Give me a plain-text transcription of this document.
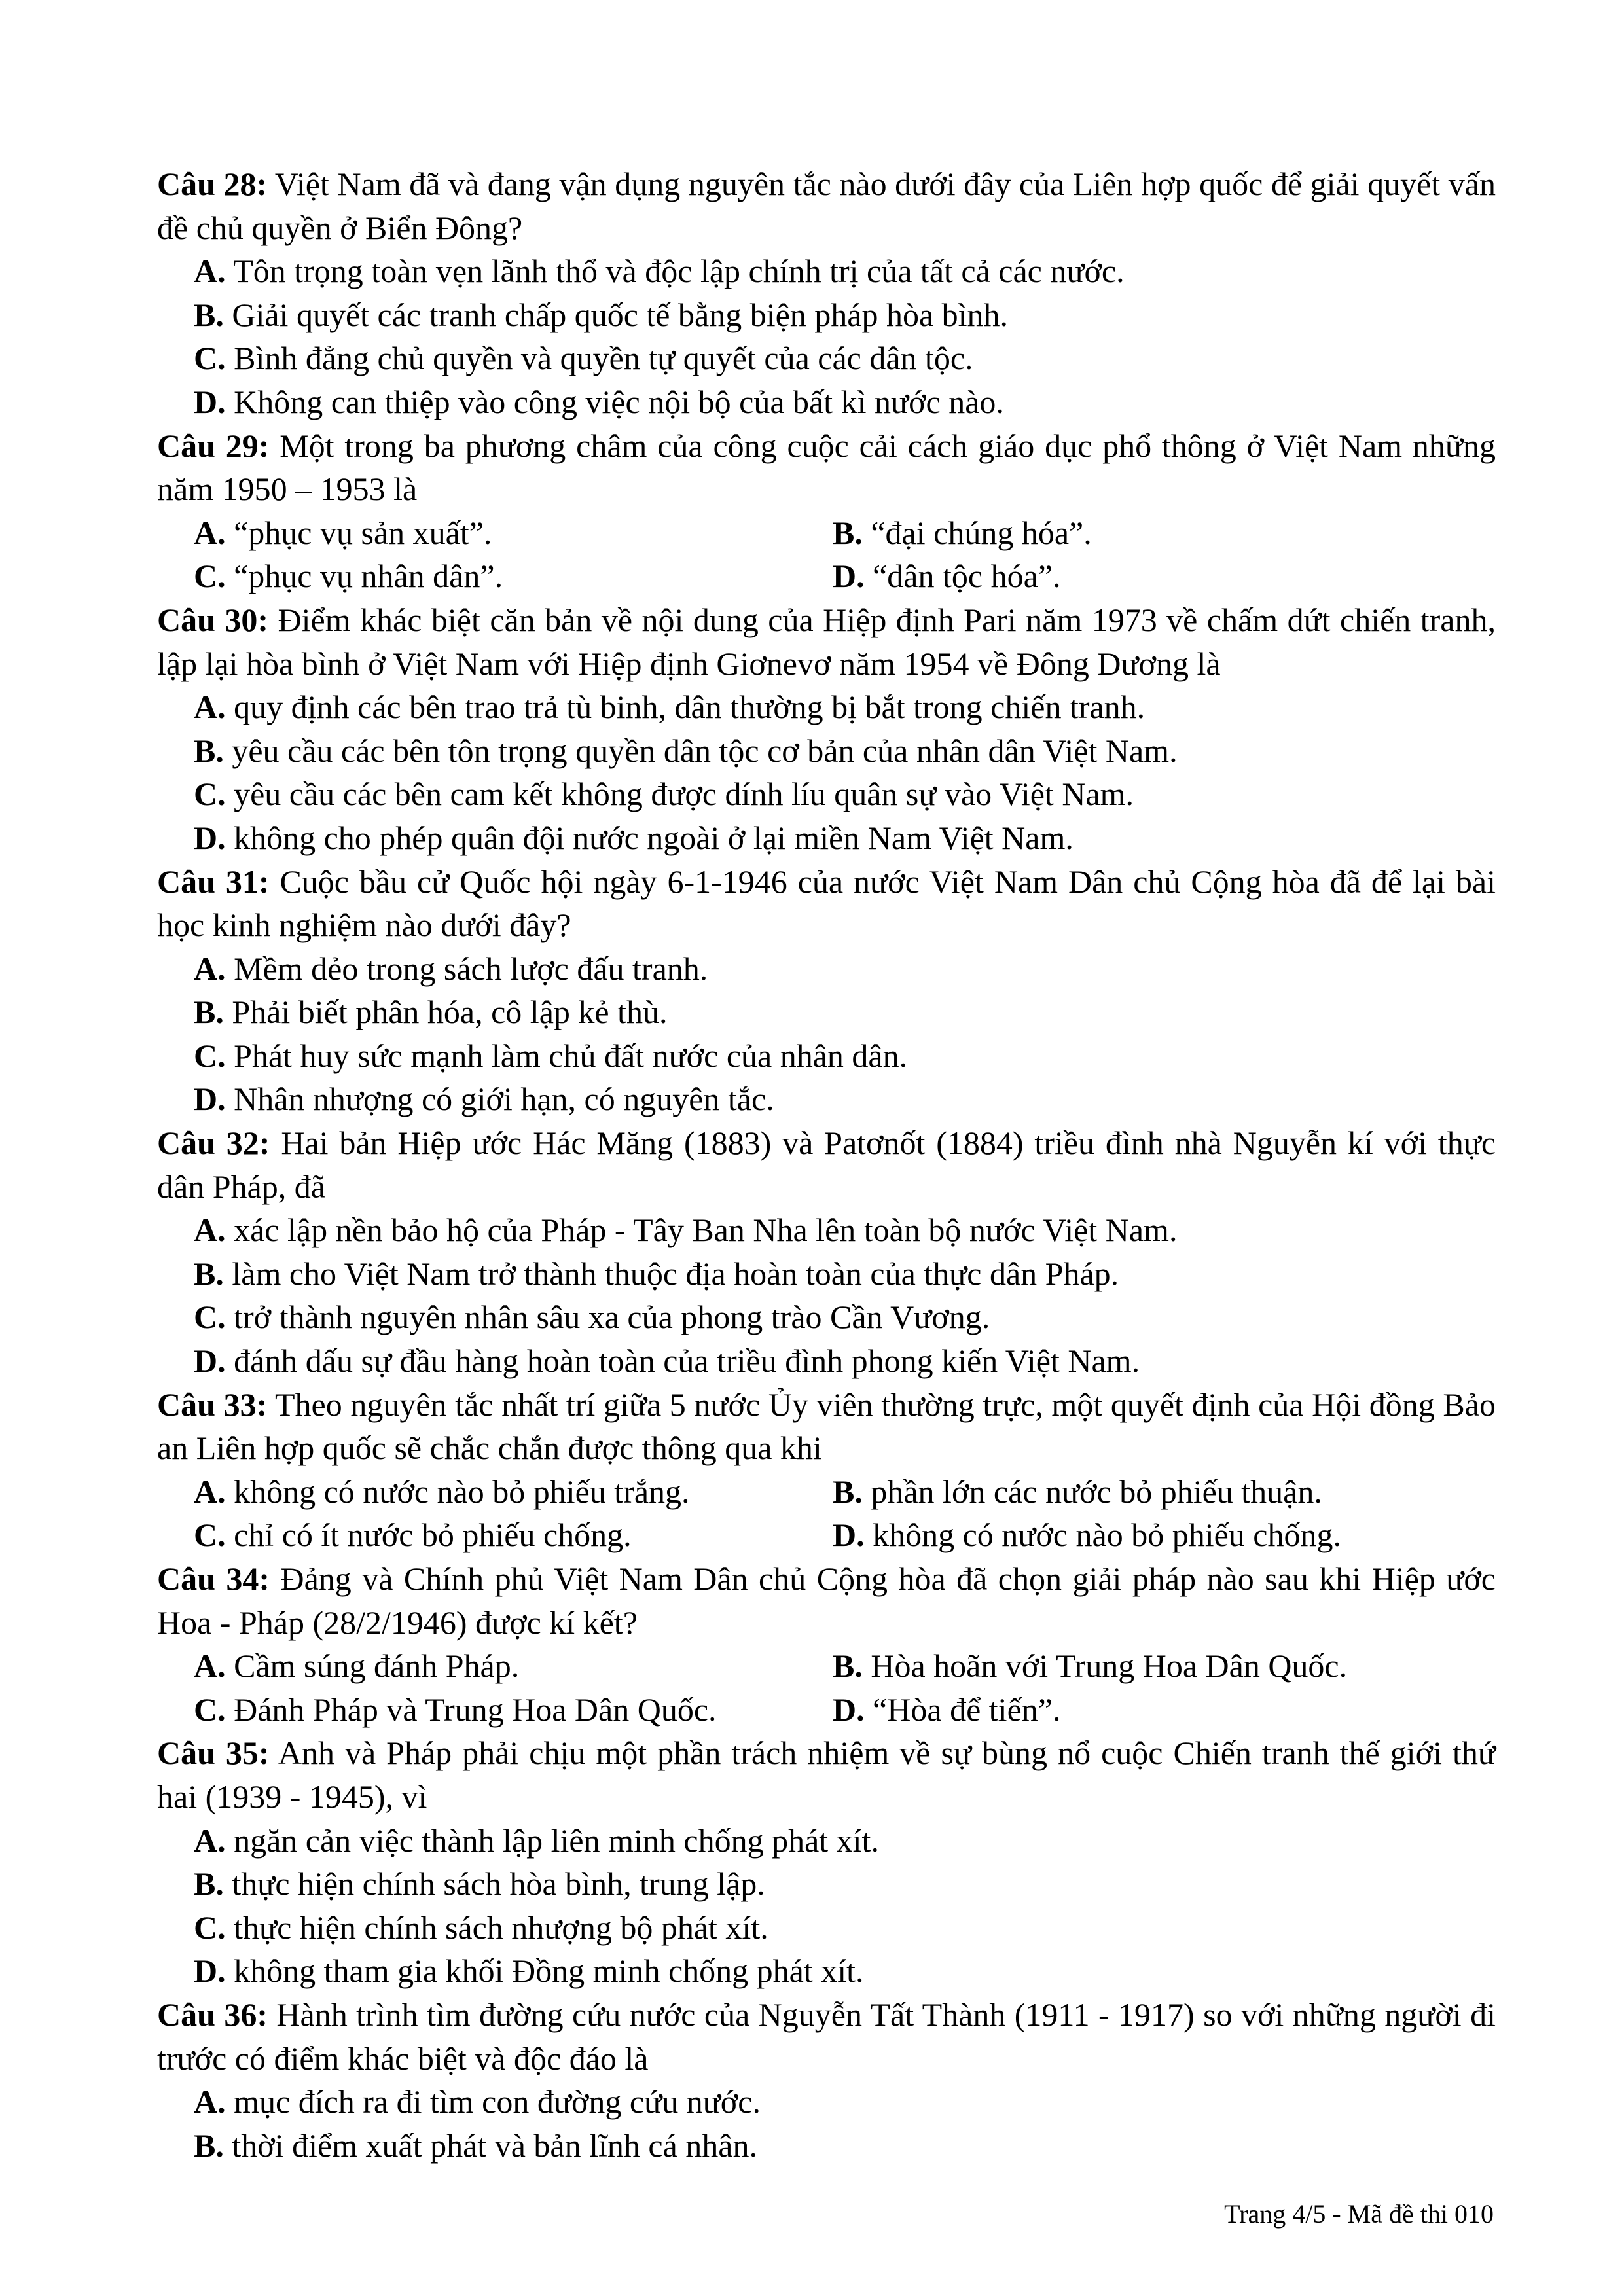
Câu 28: Việt Nam đã và đang vận dụng nguyên tắc nào dưới đây của Liên hợp quốc để giải quyết vấn đề chủ quyền ở Biển Đông?
A. Tôn trọng toàn vẹn lãnh thổ và độc lập chính trị của tất cả các nước.
B. Giải quyết các tranh chấp quốc tế bằng biện pháp hòa bình.
C. Bình đẳng chủ quyền và quyền tự quyết của các dân tộc.
D. Không can thiệp vào công việc nội bộ của bất kì nước nào.
Câu 29: Một trong ba phương châm của công cuộc cải cách giáo dục phổ thông ở Việt Nam những năm 1950 – 1953 là
A. “phục vụ sản xuất”.	B. “đại chúng hóa”.
C. “phục vụ nhân dân”.	D. “dân tộc hóa”.
Câu 30: Điểm khác biệt căn bản về nội dung của Hiệp định Pari năm 1973 về chấm dứt chiến tranh, lập lại hòa bình ở Việt Nam với Hiệp định Giơnevơ năm 1954 về Đông Dương là
A. quy định các bên trao trả tù binh, dân thường bị bắt trong chiến tranh.
B. yêu cầu các bên tôn trọng quyền dân tộc cơ bản của nhân dân Việt Nam.
C. yêu cầu các bên cam kết không được dính líu quân sự vào Việt Nam.
D. không cho phép quân đội nước ngoài ở lại miền Nam Việt Nam.
Câu 31: Cuộc bầu cử Quốc hội ngày 6-1-1946 của nước Việt Nam Dân chủ Cộng hòa đã để lại bài học kinh nghiệm nào dưới đây?
A. Mềm dẻo trong sách lược đấu tranh.
B. Phải biết phân hóa, cô lập kẻ thù.
C. Phát huy sức mạnh làm chủ đất nước của nhân dân.
D. Nhân nhượng có giới hạn, có nguyên tắc.
Câu 32: Hai bản Hiệp ước Hác Măng (1883) và Patơnốt (1884) triều đình nhà Nguyễn kí với thực dân Pháp, đã
A. xác lập nền bảo hộ của Pháp - Tây Ban Nha lên toàn bộ nước Việt Nam.
B. làm cho Việt Nam trở thành thuộc địa hoàn toàn của thực dân Pháp.
C. trở thành nguyên nhân sâu xa của phong trào Cần Vương.
D. đánh dấu sự đầu hàng hoàn toàn của triều đình phong kiến Việt Nam.
Câu 33: Theo nguyên tắc nhất trí giữa 5 nước Ủy viên thường trực, một quyết định của Hội đồng Bảo an Liên hợp quốc sẽ chắc chắn được thông qua khi
A. không có nước nào bỏ phiếu trắng.	B. phần lớn các nước bỏ phiếu thuận.
C. chỉ có ít nước bỏ phiếu chống.	D. không có nước nào bỏ phiếu chống.
Câu 34: Đảng và Chính phủ Việt Nam Dân chủ Cộng hòa đã chọn giải pháp nào sau khi Hiệp ước Hoa - Pháp (28/2/1946) được kí kết?
A. Cầm súng đánh Pháp.	B. Hòa hoãn với Trung Hoa Dân Quốc.
C. Đánh Pháp và Trung Hoa Dân Quốc.	D. “Hòa để tiến”.
Câu 35: Anh và Pháp phải chịu một phần trách nhiệm về sự bùng nổ cuộc Chiến tranh thế giới thứ hai (1939 - 1945), vì
A. ngăn cản việc thành lập liên minh chống phát xít.
B. thực hiện chính sách hòa bình, trung lập.
C. thực hiện chính sách nhượng bộ phát xít.
D. không tham gia khối Đồng minh chống phát xít.
Câu 36: Hành trình tìm đường cứu nước của Nguyễn Tất Thành (1911 - 1917) so với những người đi trước có điểm khác biệt và độc đáo là
A. mục đích ra đi tìm con đường cứu nước.
B. thời điểm xuất phát và bản lĩnh cá nhân.
Trang 4/5 - Mã đề thi 010
